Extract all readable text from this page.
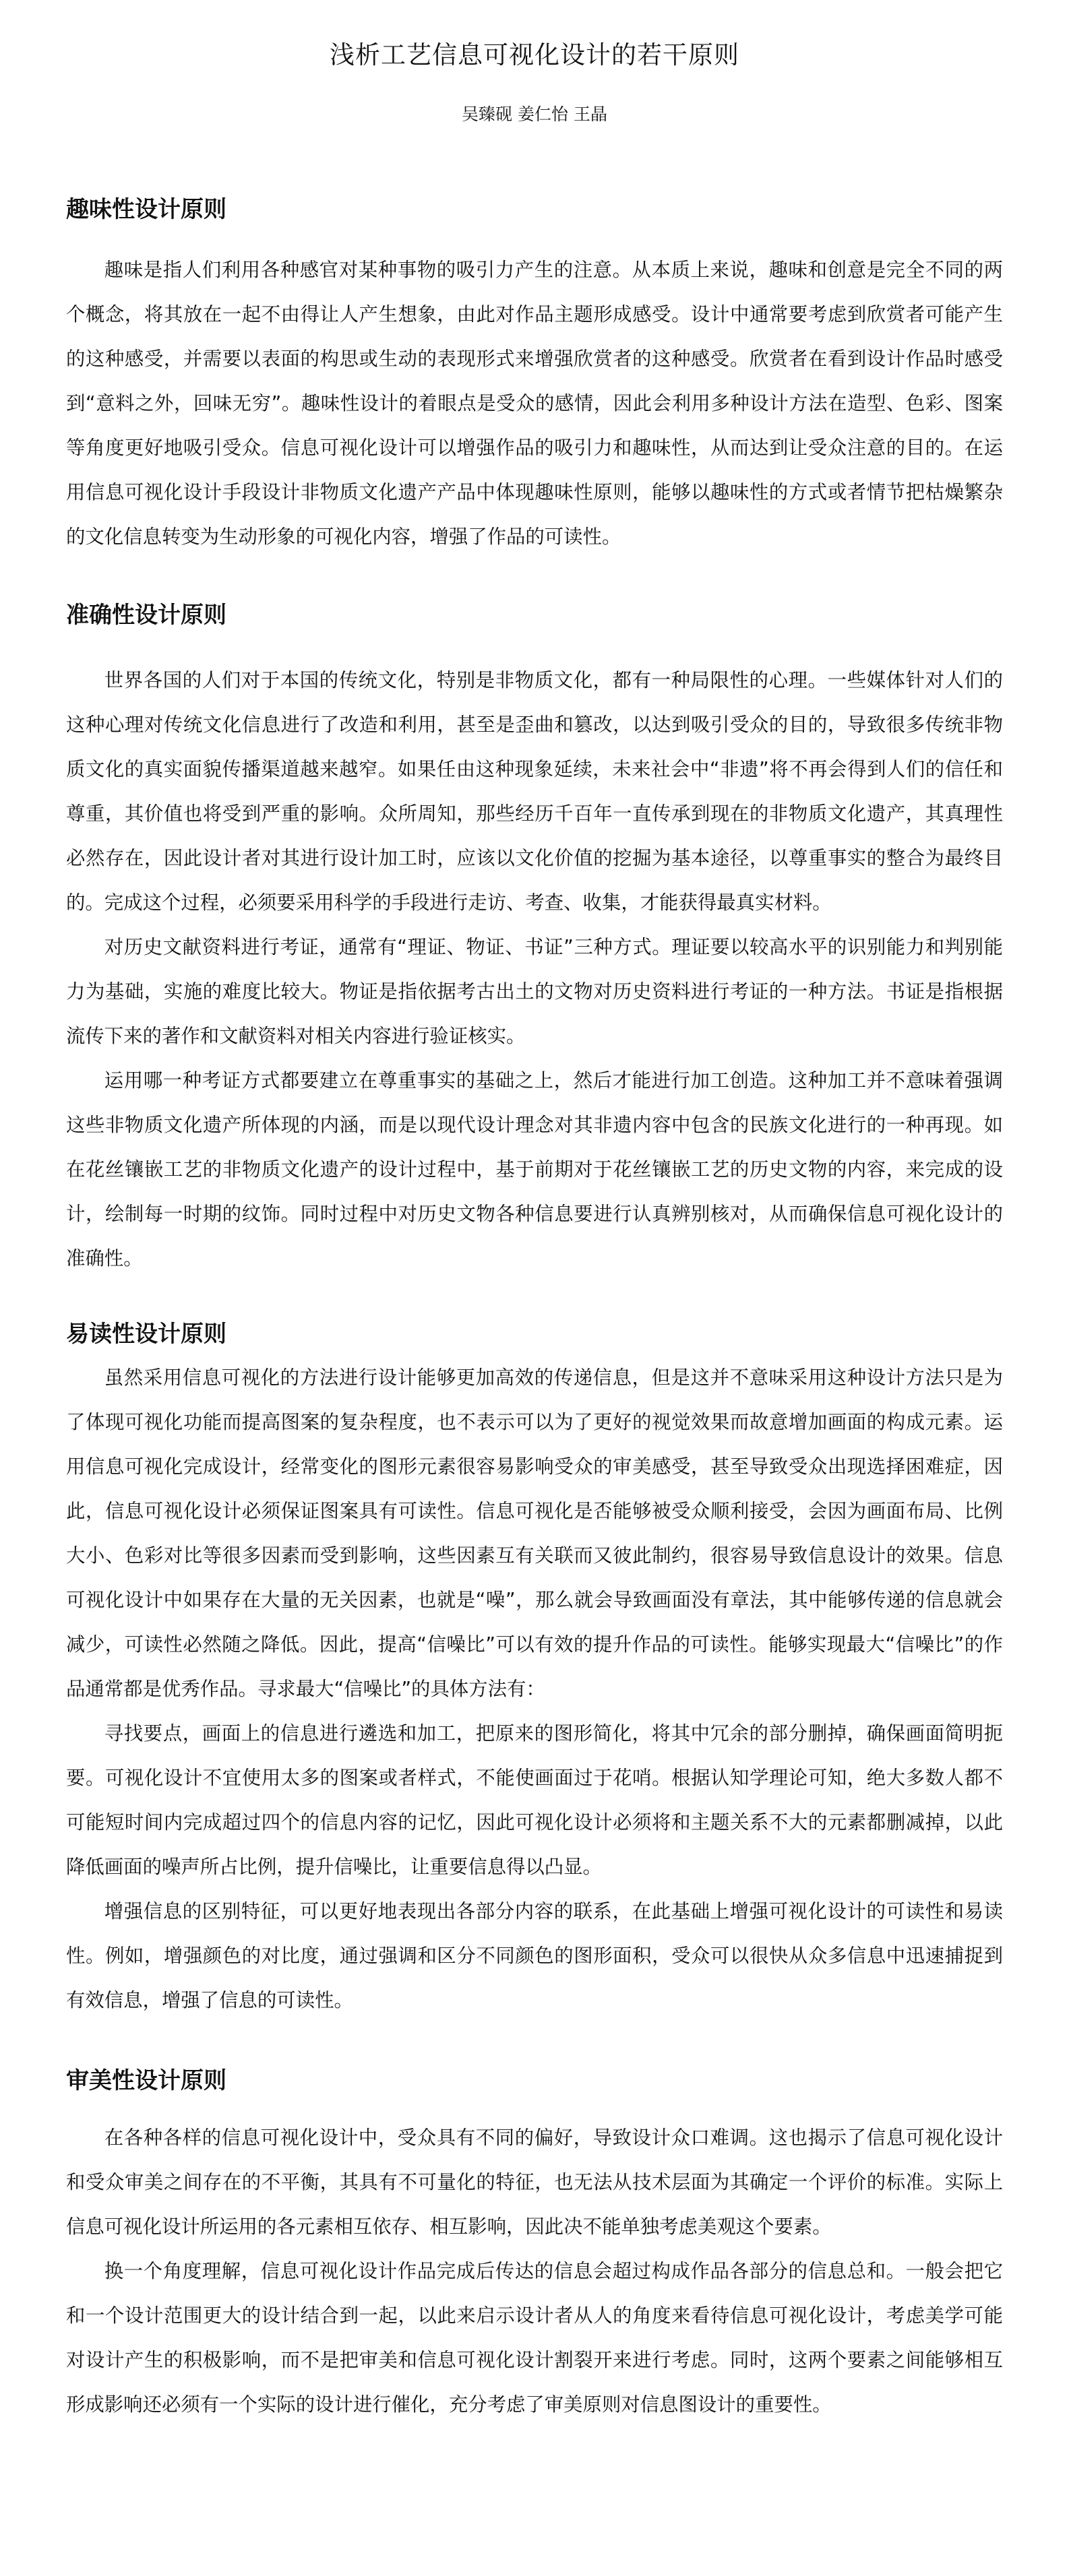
浅析工艺信息可视化设计的若干原则
吴臻砚 姜仁怡 王晶
趣味性设计原则

趣味是指人们利用各种感官对某种事物的吸引力产生的注意。从本质上来说，趣味和创意是完全不同的两个概念，将其放在一起不由得让人产生想象，由此对作品主题形成感受。设计中通常要考虑到欣赏者可能产生的这种感受，并需要以表面的构思或生动的表现形式来增强欣赏者的这种感受。欣赏者在看到设计作品时感受到“意料之外，回味无穷”。趣味性设计的着眼点是受众的感情，因此会利用多种设计方法在造型、色彩、图案等角度更好地吸引受众。信息可视化设计可以增强作品的吸引力和趣味性，从而达到让受众注意的目的。在运用信息可视化设计手段设计非物质文化遗产产品中体现趣味性原则，能够以趣味性的方式或者情节把枯燥繁杂的文化信息转变为生动形象的可视化内容，增强了作品的可读性。

准确性设计原则

世界各国的人们对于本国的传统文化，特别是非物质文化，都有一种局限性的心理。一些媒体针对人们的这种心理对传统文化信息进行了改造和利用，甚至是歪曲和篡改，以达到吸引受众的目的，导致很多传统非物质文化的真实面貌传播渠道越来越窄。如果任由这种现象延续，未来社会中“非遗”将不再会得到人们的信任和尊重，其价值也将受到严重的影响。众所周知，那些经历千百年一直传承到现在的非物质文化遗产，其真理性必然存在，因此设计者对其进行设计加工时，应该以文化价值的挖掘为基本途径，以尊重事实的整合为最终目的。完成这个过程，必须要采用科学的手段进行走访、考查、收集，才能获得最真实材料。

对历史文献资料进行考证，通常有“理证、物证、书证”三种方式。理证要以较高水平的识别能力和判别能力为基础，实施的难度比较大。物证是指依据考古出土的文物对历史资料进行考证的一种方法。书证是指根据流传下来的著作和文献资料对相关内容进行验证核实。

运用哪一种考证方式都要建立在尊重事实的基础之上，然后才能进行加工创造。这种加工并不意味着强调这些非物质文化遗产所体现的内涵，而是以现代设计理念对其非遗内容中包含的民族文化进行的一种再现。如在花丝镶嵌工艺的非物质文化遗产的设计过程中，基于前期对于花丝镶嵌工艺的历史文物的内容，来完成的设计，绘制每一时期的纹饰。同时过程中对历史文物各种信息要进行认真辨别核对，从而确保信息可视化设计的准确性。

易读性设计原则

虽然采用信息可视化的方法进行设计能够更加高效的传递信息，但是这并不意味采用这种设计方法只是为了体现可视化功能而提高图案的复杂程度，也不表示可以为了更好的视觉效果而故意增加画面的构成元素。运用信息可视化完成设计，经常变化的图形元素很容易影响受众的审美感受，甚至导致受众出现选择困难症，因此，信息可视化设计必须保证图案具有可读性。信息可视化是否能够被受众顺利接受，会因为画面布局、比例大小、色彩对比等很多因素而受到影响，这些因素互有关联而又彼此制约，很容易导致信息设计的效果。信息可视化设计中如果存在大量的无关因素，也就是“噪”，那么就会导致画面没有章法，其中能够传递的信息就会减少，可读性必然随之降低。因此，提高“信噪比”可以有效的提升作品的可读性。能够实现最大“信噪比”的作品通常都是优秀作品。寻求最大“信噪比”的具体方法有：

寻找要点，画面上的信息进行遴选和加工，把原来的图形简化，将其中冗余的部分删掉，确保画面简明扼要。可视化设计不宜使用太多的图案或者样式，不能使画面过于花哨。根据认知学理论可知，绝大多数人都不可能短时间内完成超过四个的信息内容的记忆，因此可视化设计必须将和主题关系不大的元素都删减掉，以此降低画面的噪声所占比例，提升信噪比，让重要信息得以凸显。

增强信息的区别特征，可以更好地表现出各部分内容的联系，在此基础上增强可视化设计的可读性和易读性。例如，增强颜色的对比度，通过强调和区分不同颜色的图形面积，受众可以很快从众多信息中迅速捕捉到有效信息，增强了信息的可读性。

审美性设计原则

在各种各样的信息可视化设计中，受众具有不同的偏好，导致设计众口难调。这也揭示了信息可视化设计和受众审美之间存在的不平衡，其具有不可量化的特征，也无法从技术层面为其确定一个评价的标准。实际上信息可视化设计所运用的各元素相互依存、相互影响，因此决不能单独考虑美观这个要素。

换一个角度理解，信息可视化设计作品完成后传达的信息会超过构成作品各部分的信息总和。一般会把它和一个设计范围更大的设计结合到一起，以此来启示设计者从人的角度来看待信息可视化设计，考虑美学可能对设计产生的积极影响，而不是把审美和信息可视化设计割裂开来进行考虑。同时，这两个要素之间能够相互形成影响还必须有一个实际的设计进行催化，充分考虑了审美原则对信息图设计的重要性。
